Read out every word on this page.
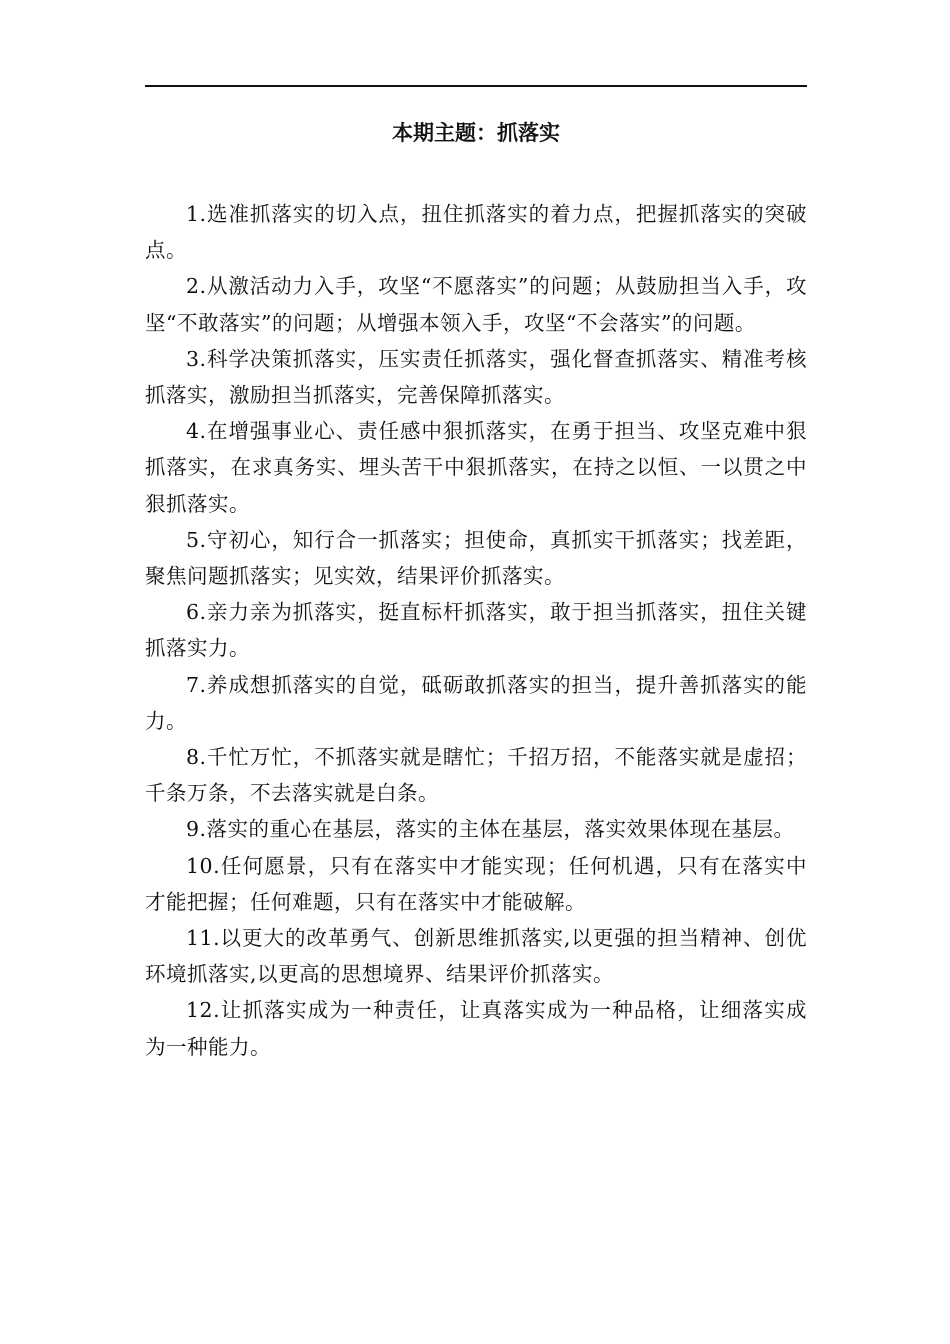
本期主题：抓落实

1.选准抓落实的切入点，扭住抓落实的着力点，把握抓落实的突破点。

2.从激活动力入手，攻坚“不愿落实”的问题；从鼓励担当入手，攻坚“不敢落实”的问题；从增强本领入手，攻坚“不会落实”的问题。

3.科学决策抓落实，压实责任抓落实，强化督查抓落实、精准考核抓落实，激励担当抓落实，完善保障抓落实。

4.在增强事业心、责任感中狠抓落实，在勇于担当、攻坚克难中狠抓落实，在求真务实、埋头苦干中狠抓落实，在持之以恒、一以贯之中狠抓落实。

5.守初心，知行合一抓落实；担使命，真抓实干抓落实；找差距，聚焦问题抓落实；见实效，结果评价抓落实。

6.亲力亲为抓落实，挺直标杆抓落实，敢于担当抓落实，扭住关键抓落实力。

7.养成想抓落实的自觉，砥砺敢抓落实的担当，提升善抓落实的能力。

8.千忙万忙，不抓落实就是瞎忙；千招万招，不能落实就是虚招；千条万条，不去落实就是白条。

9.落实的重心在基层，落实的主体在基层，落实效果体现在基层。

10.任何愿景，只有在落实中才能实现；任何机遇，只有在落实中才能把握；任何难题，只有在落实中才能破解。

11.以更大的改革勇气、创新思维抓落实,以更强的担当精神、创优环境抓落实,以更高的思想境界、结果评价抓落实。

12.让抓落实成为一种责任，让真落实成为一种品格，让细落实成为一种能力。
